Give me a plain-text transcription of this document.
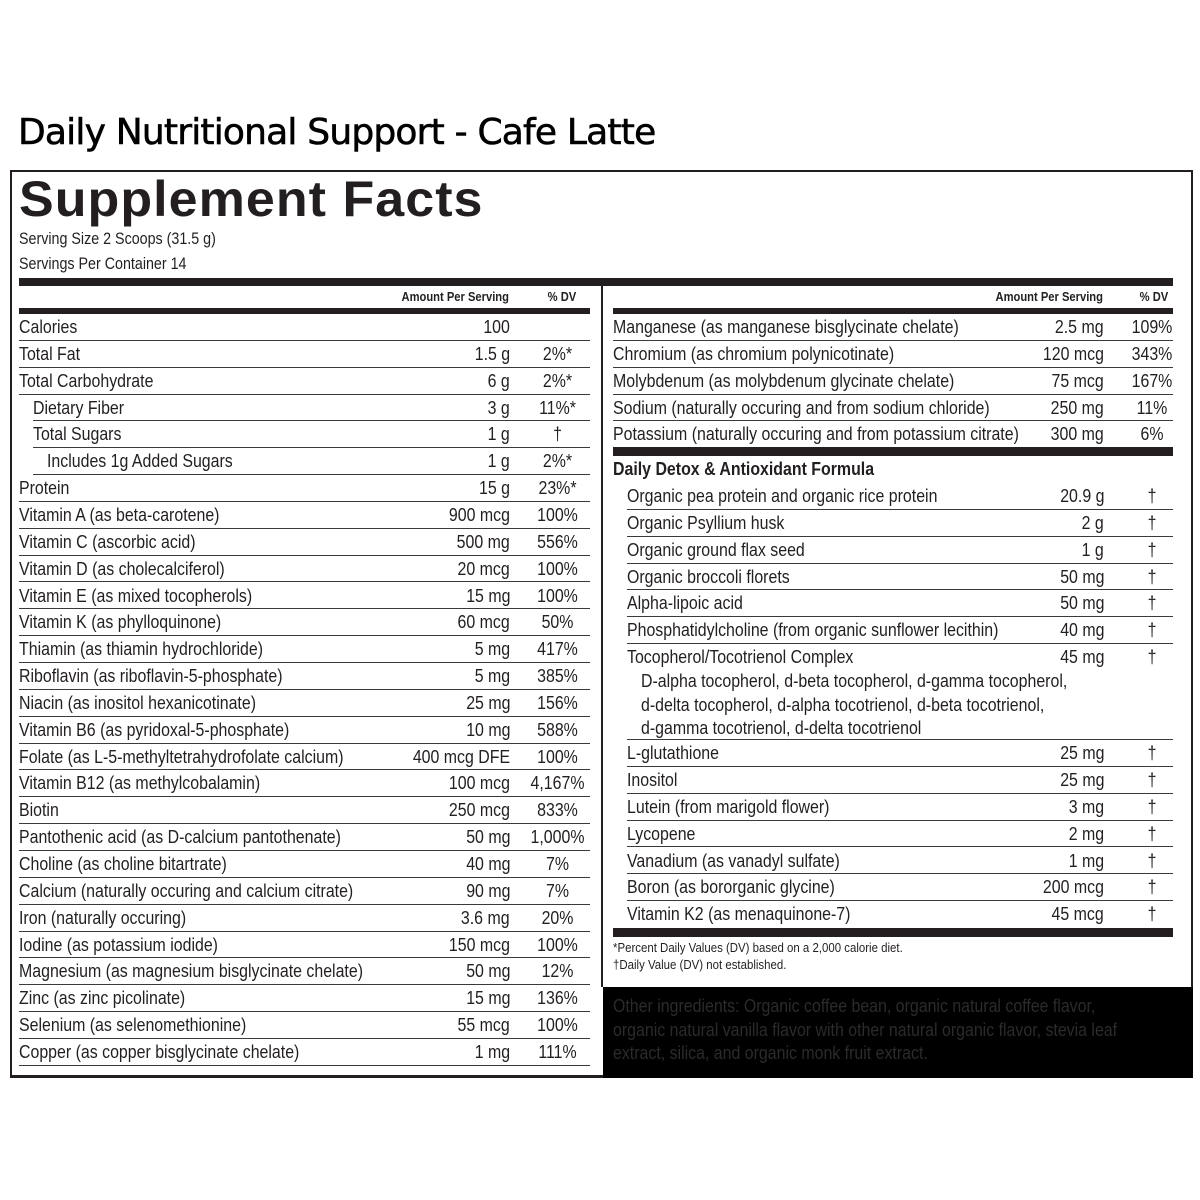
Daily Nutritional Support - Cafe Latte
Supplement Facts
Serving Size 2 Scoops (31.5 g)
Servings Per Container 14
Amount Per Serving	% DV	Amount Per Serving	% DV
Calories	100
Total Fat	1.5 g	2%*
Total Carbohydrate	6 g	2%*
Dietary Fiber	3 g	11%*
Total Sugars	1 g	†
Includes 1g Added Sugars	1 g	2%*
Protein	15 g	23%*
Vitamin A (as beta-carotene)	900 mcg	100%
Vitamin C (ascorbic acid)	500 mg	556%
Vitamin D (as cholecalciferol)	20 mcg	100%
Vitamin E (as mixed tocopherols)	15 mg	100%
Vitamin K (as phylloquinone)	60 mcg	50%
Thiamin (as thiamin hydrochloride)	5 mg	417%
Riboflavin (as riboflavin-5-phosphate)	5 mg	385%
Niacin (as inositol hexanicotinate)	25 mg	156%
Vitamin B6 (as pyridoxal-5-phosphate)	10 mg	588%
Folate (as L-5-methyltetrahydrofolate calcium)	400 mcg DFE	100%
Vitamin B12 (as methylcobalamin)	100 mcg 4,167%
Biotin	250 mcg	833%
Pantothenic acid (as D-calcium pantothenate)	50 mg 1,000%
Choline (as choline bitartrate)	40 mg	7%
Calcium (naturally occuring and calcium citrate)	90 mg	7%
Iron (naturally occuring)	3.6 mg	20%
Iodine (as potassium iodide)	150 mcg	100%
Magnesium (as magnesium bisglycinate chelate)	50 mg	12%
Zinc (as zinc picolinate)	15 mg	136%
Selenium (as selenomethionine)	55 mcg	100%
Copper (as copper bisglycinate chelate)	1 mg	111%
Manganese (as manganese bisglycinate chelate)	2.5 mg	109%
Chromium (as chromium polynicotinate)	120 mcg	343%
Molybdenum (as molybdenum glycinate chelate)	75 mcg	167%
Sodium (naturally occuring and from sodium chloride)	250 mg	11%
Potassium (naturally occuring and from potassium citrate) 300 mg	6%
Daily Detox & Antioxidant Formula
Organic pea protein and organic rice protein	20.9 g	†
Organic Psyllium husk	2 g	†
Organic ground flax seed	1 g	†
Organic broccoli florets	50 mg	†
Alpha-lipoic acid	50 mg	†
Phosphatidylcholine (from organic sunflower lecithin)	40 mg	†
Tocopherol/Tocotrienol Complex	45 mg	†
D-alpha tocopherol, d-beta tocopherol, d-gamma tocopherol,
d-delta tocopherol, d-alpha tocotrienol, d-beta tocotrienol,
d-gamma tocotrienol, d-delta tocotrienol
L-glutathione	25 mg	†
Inositol	25 mg	†
Lutein (from marigold flower)	3 mg	†
Lycopene	2 mg	†
Vanadium (as vanadyl sulfate)	1 mg	†
Boron (as bororganic glycine)	200 mcg	†
Vitamin K2 (as menaquinone-7)	45 mcg	†
*Percent Daily Values (DV) based on a 2,000 calorie diet.
†Daily Value (DV) not established.
Other ingredients: Organic coffee bean, organic natural coffee flavor, organic natural vanilla flavor with other natural organic flavor, stevia leaf extract, silica, and organic monk fruit extract.
